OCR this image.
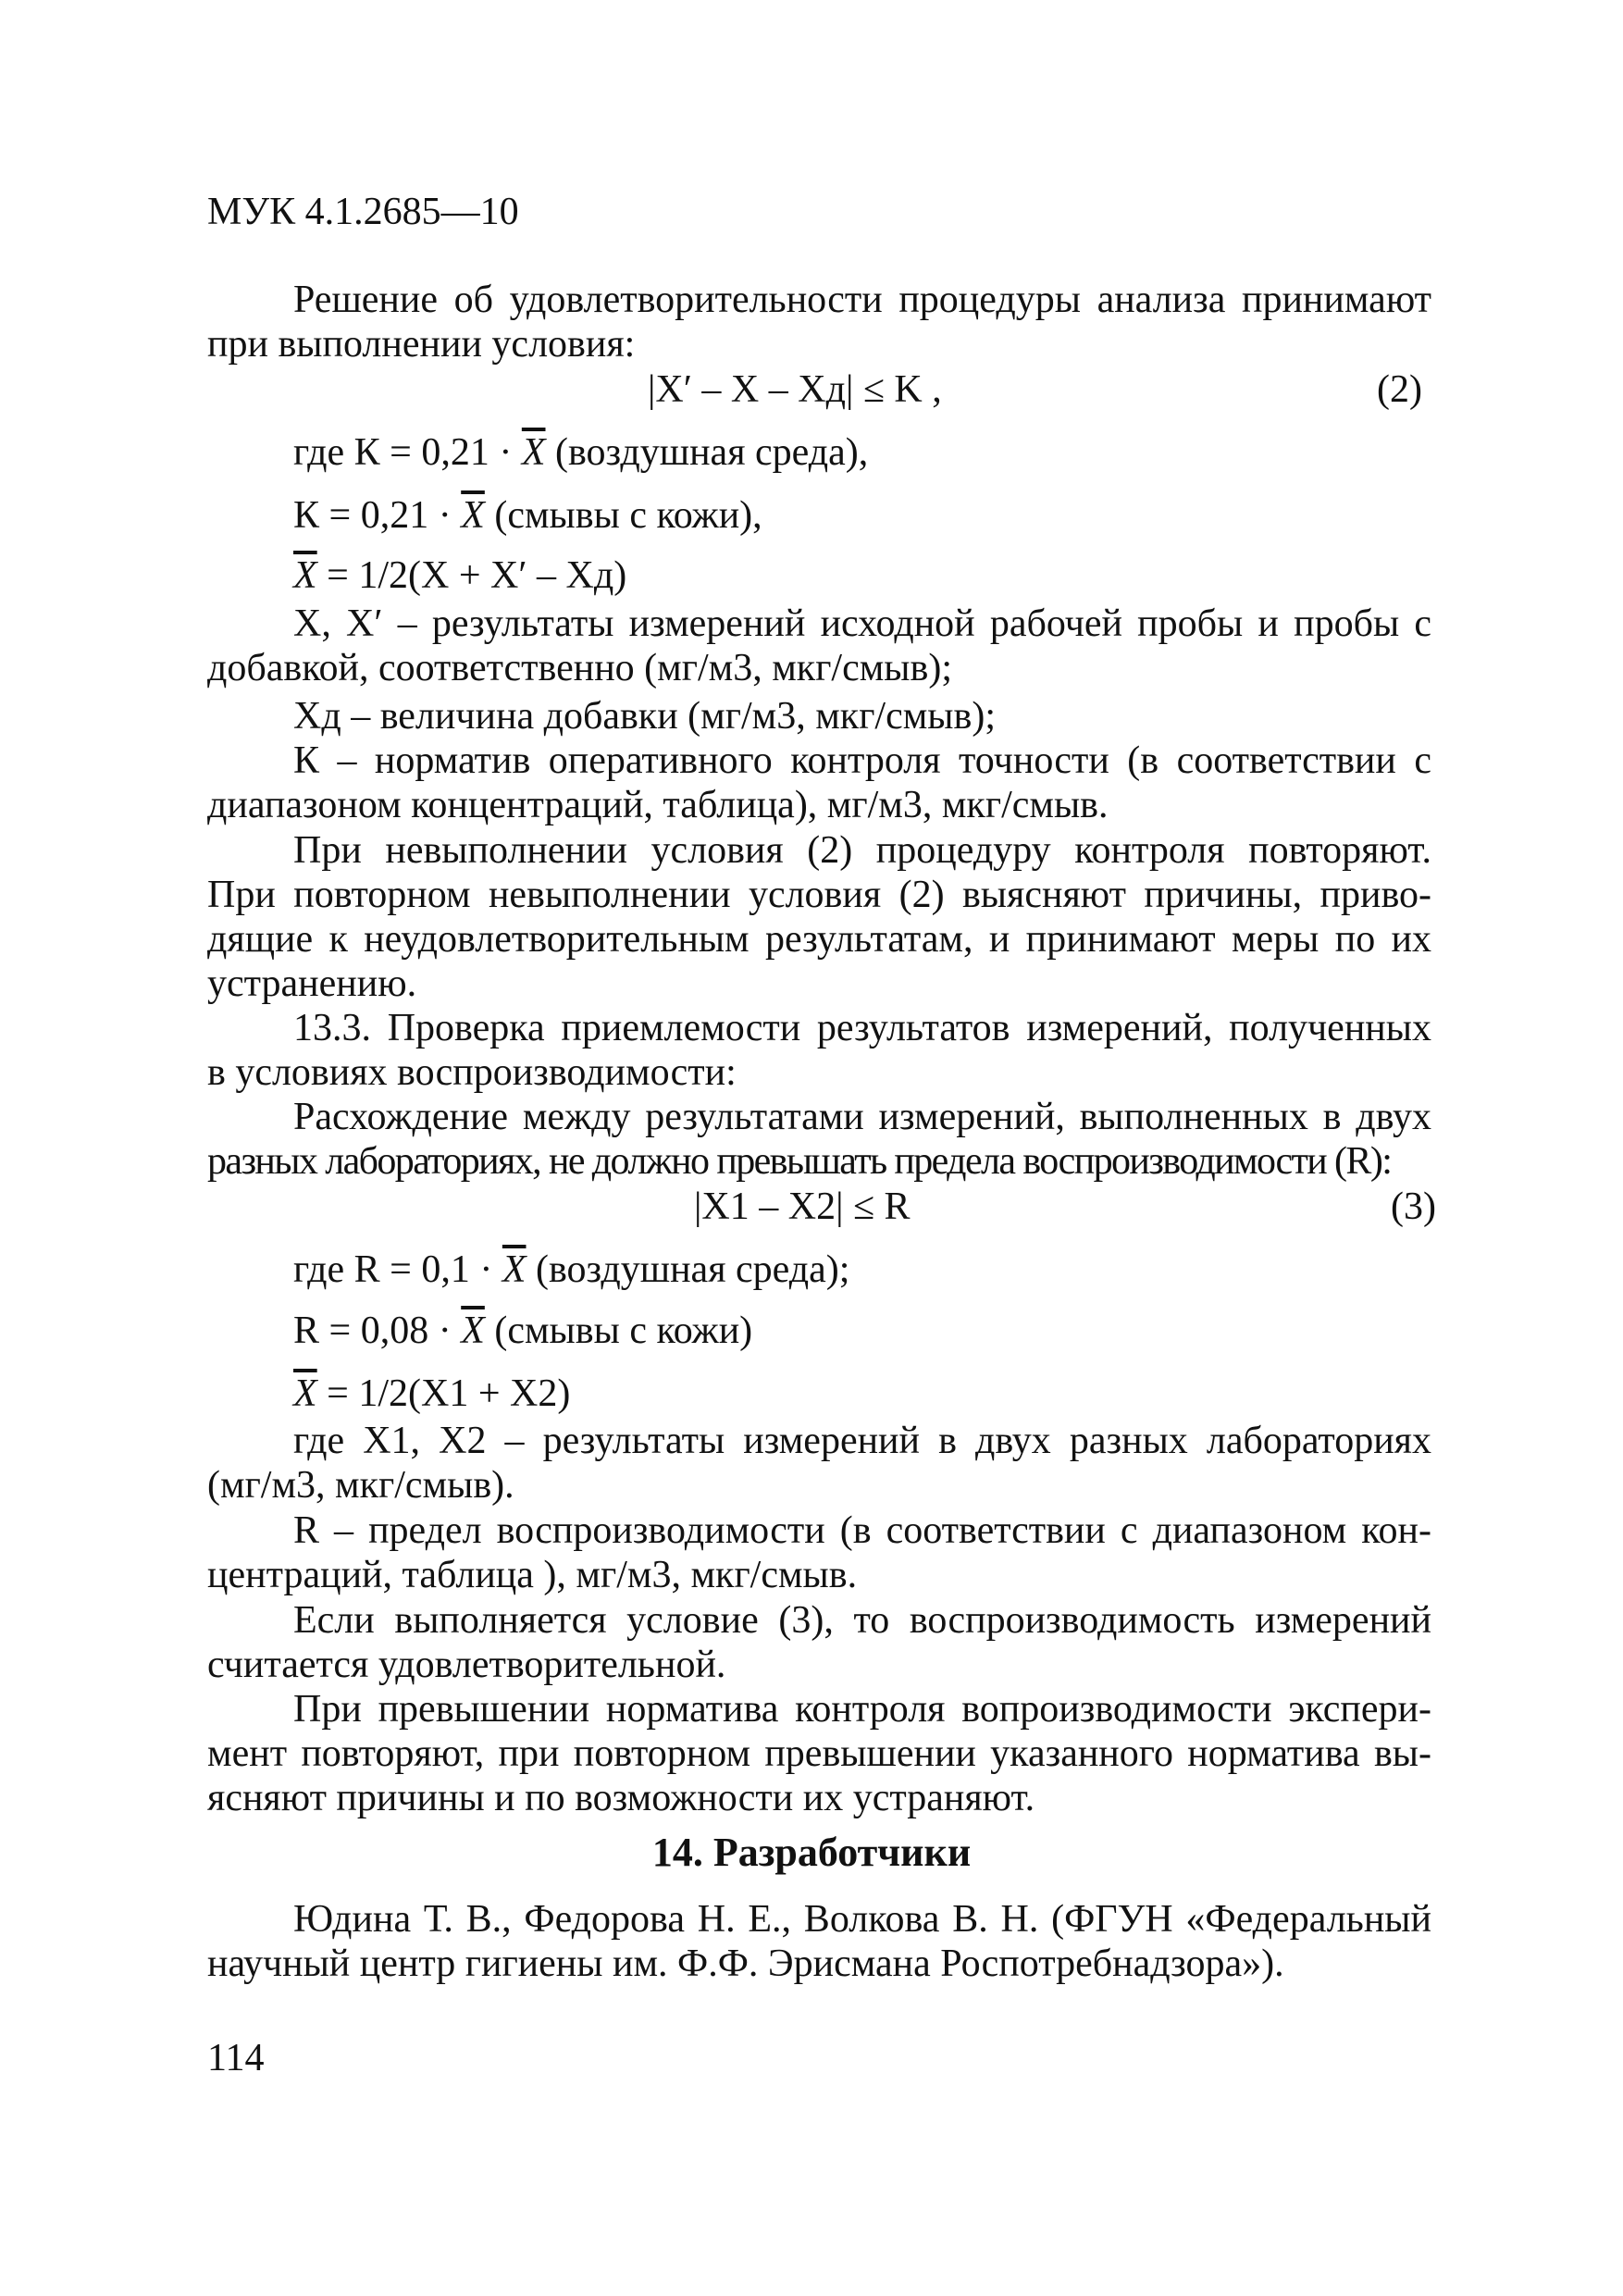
МУК 4.1.2685—10
Решение об удовлетворительности процедуры анализа принимают
при выполнении условия:
|X′ – X – Xд| ≤ K ,	(2)
где $К = 0,21 \cdot \overline{X}$ (воздушная среда),
$К = 0,21 \cdot \overline{X}$ (смывы с кожи),
$\overline{X} = 1/2(X + X' - Xд)$
X, X′ – результаты измерений исходной рабочей пробы и пробы с
добавкой, соответственно (мг/м3, мкг/смыв);
Xд – величина добавки (мг/м3, мкг/смыв);
К – норматив оперативного контроля точности (в соответствии с
диапазоном концентраций, таблица), мг/м3, мкг/смыв.
При невыполнении условия (2) процедуру контроля повторяют.
При повторном невыполнении условия (2) выясняют причины, приво-
дящие к неудовлетворительным результатам, и принимают меры по их
устранению.
13.3. Проверка приемлемости результатов измерений, полученных
в условиях воспроизводимости:
Расхождение между результатами измерений, выполненных в двух
разных лабораториях, не должно превышать предела воспроизводимости (R):
|X1 – X2| ≤ R	(3)
где $R = 0,1 \cdot \overline{X}$ (воздушная среда);
$R = 0,08 \cdot \overline{X}$ (смывы с кожи)
$\overline{X} = 1/2(X1 + X2)$
где X1, X2 – результаты измерений в двух разных лабораториях
(мг/м3, мкг/смыв).
R – предел воспроизводимости (в соответствии с диапазоном кон-
центраций, таблица ), мг/м3, мкг/смыв.
Если выполняется условие (3), то воспроизводимость измерений
считается удовлетворительной.
При превышении норматива контроля вопроизводимости экспери-
мент повторяют, при повторном превышении указанного норматива вы-
ясняют причины и по возможности их устраняют.
14. Разработчики
Юдина Т. В., Федорова Н. Е., Волкова В. Н. (ФГУН «Федеральный
научный центр гигиены им. Ф.Ф. Эрисмана Роспотребнадзора»).
114
